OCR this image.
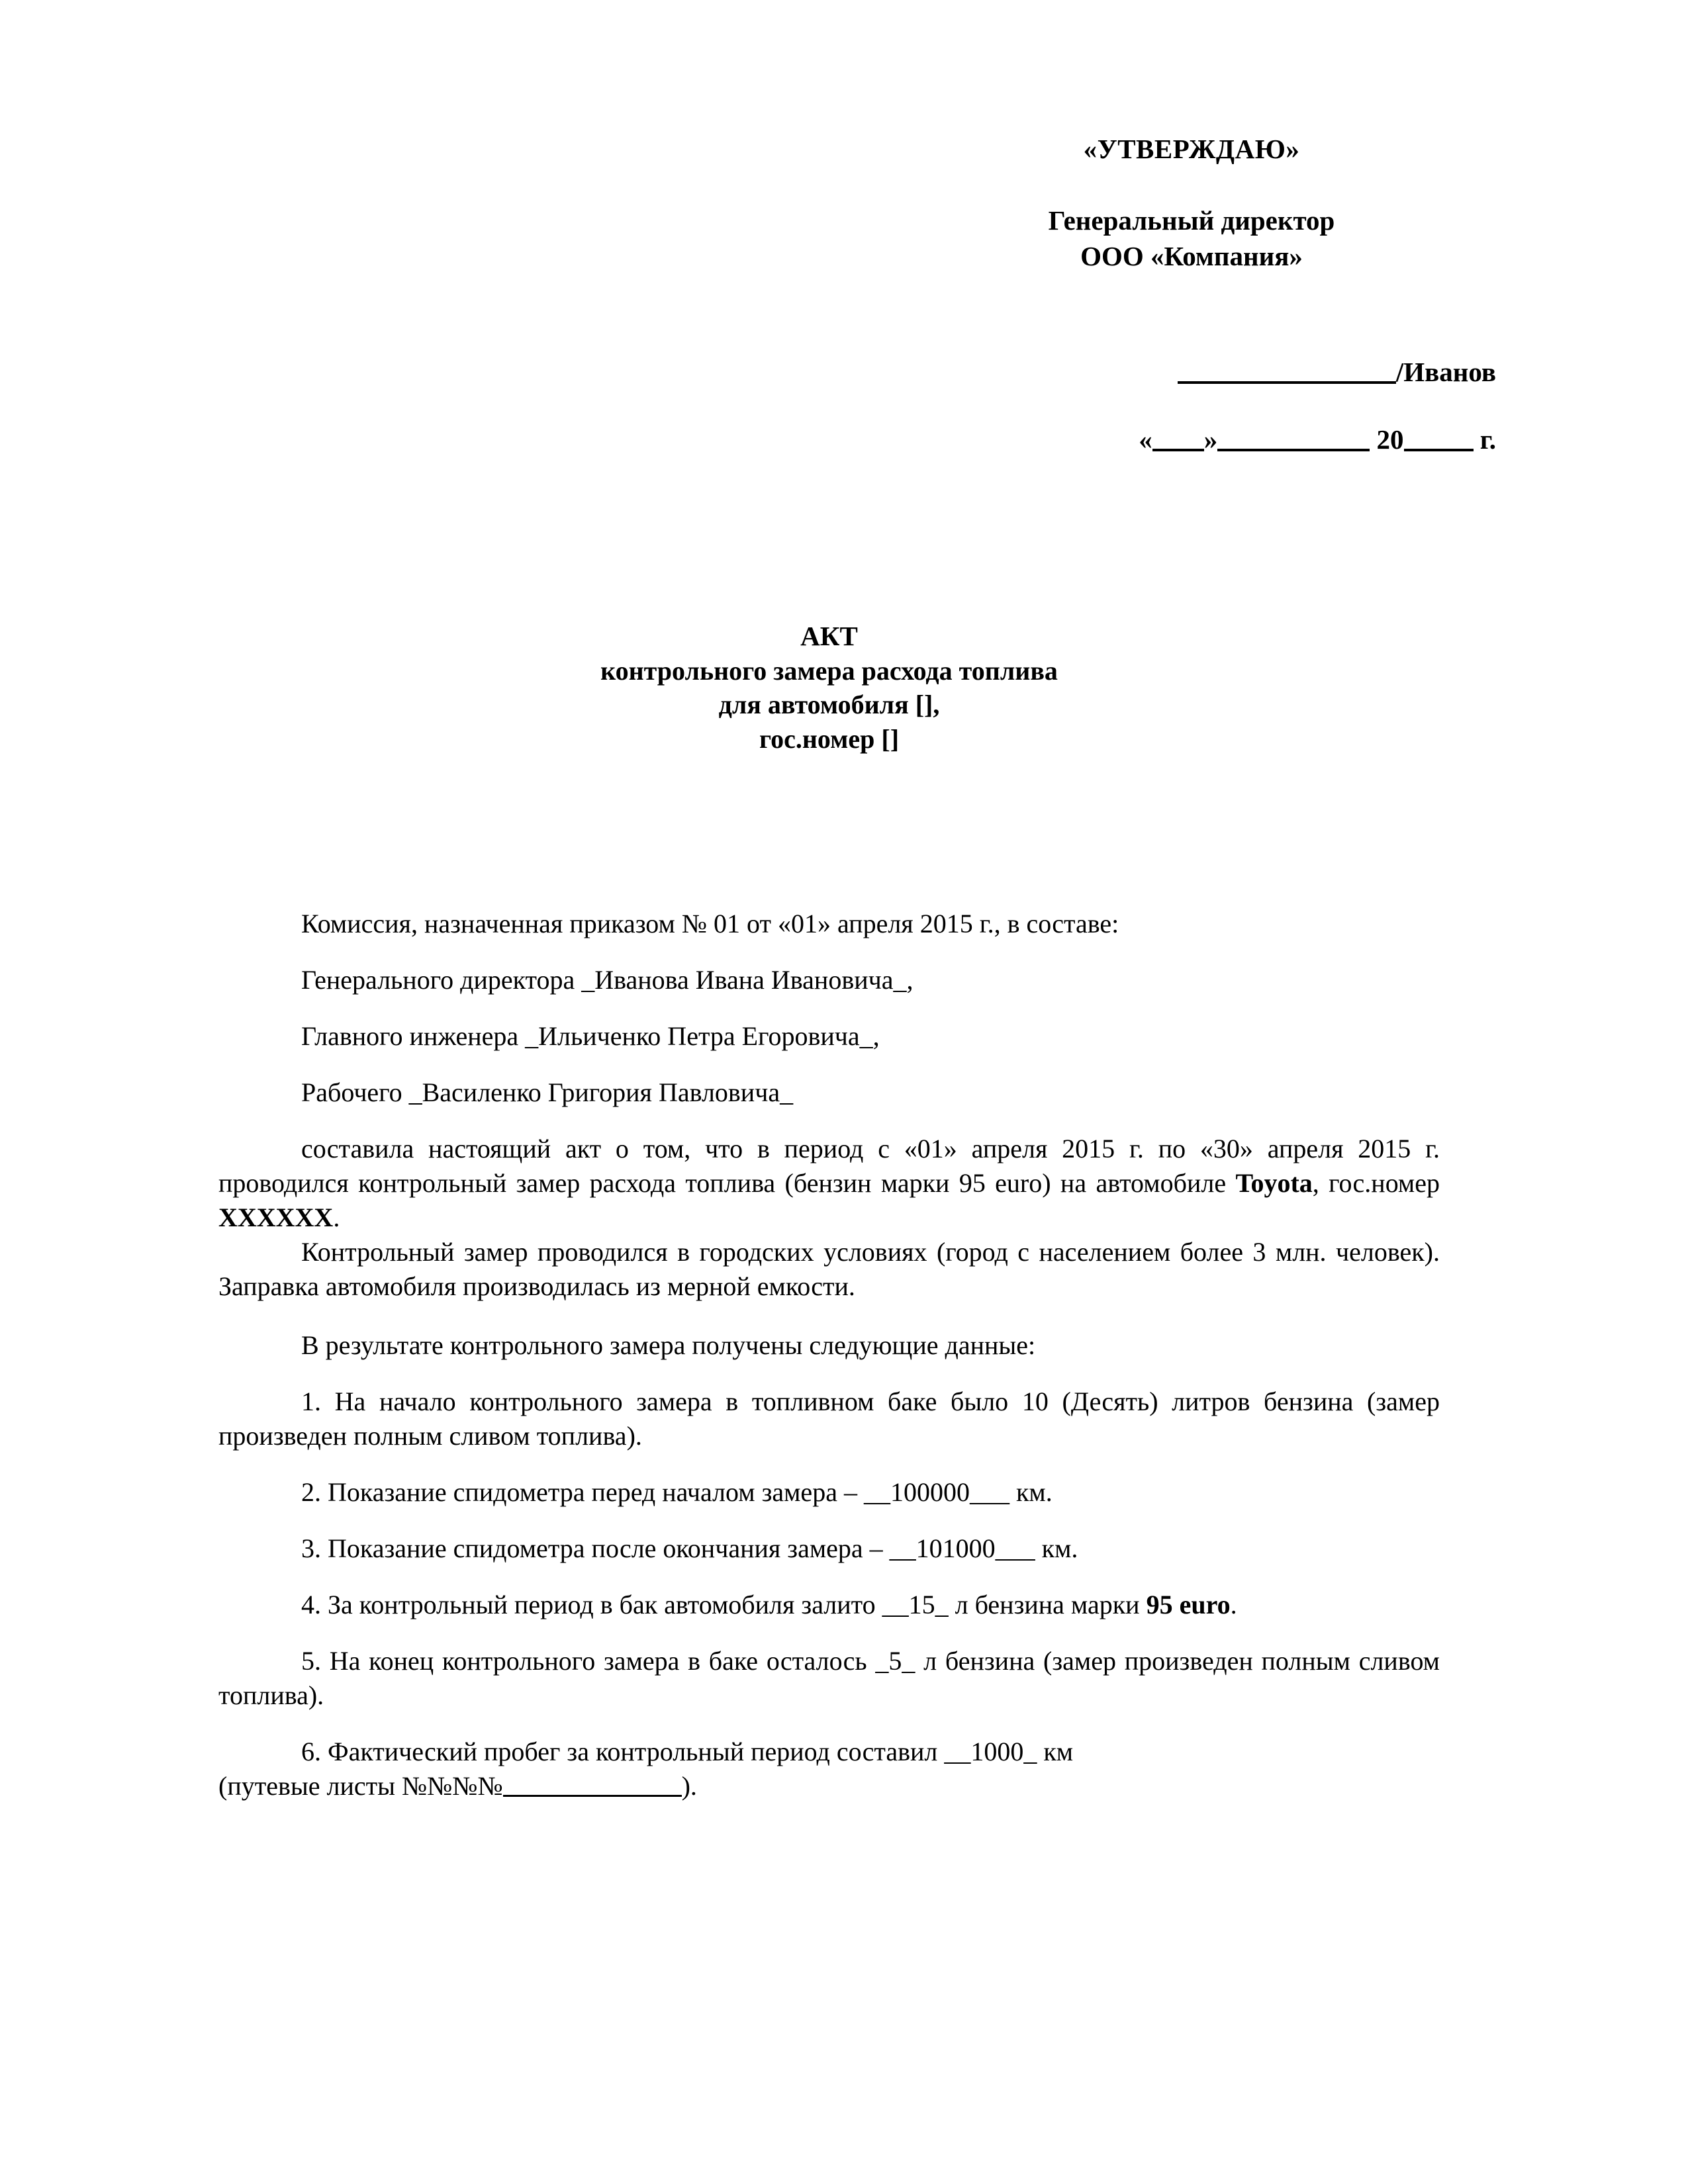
«УТВЕРЖДАЮ»
Генеральный директор
ООО «Компания»
/Иванов
« »	20	г.
АКТ
контрольного замера расхода топлива
для автомобиля [],
гос.номер []

Комиссия, назначенная приказом № 01 от «01» апреля 2015 г., в составе:

Генерального директора _Иванова Ивана Ивановича_,

Главного инженера _Ильиченко Петра Егоровича_,

Рабочего _Василенко Григория Павловича_

составила настоящий акт о том, что в период с «01» апреля 2015 г. по «30» апреля 2015 г. проводился контрольный замер расхода топлива (бензин марки 95 euro) на автомобиле Toyota, гос.номер XXXXXX.

Контрольный замер проводился в городских условиях (город с населением более 3 млн. человек). Заправка автомобиля производилась из мерной емкости.

В результате контрольного замера получены следующие данные:

1. На начало контрольного замера в топливном баке было 10 (Десять) литров бензина (замер произведен полным сливом топлива).

2. Показание спидометра перед началом замера – __100000___ км.

3. Показание спидометра после окончания замера – __101000___ км.

4. За контрольный период в бак автомобиля залито __15_ л бензина марки 95 euro.

5. На конец контрольного замера в баке осталось _5_ л бензина (замер произведен полным сливом топлива).

6. Фактический пробег за контрольный период составил __1000_ км

(путевые листы №№№№	).
